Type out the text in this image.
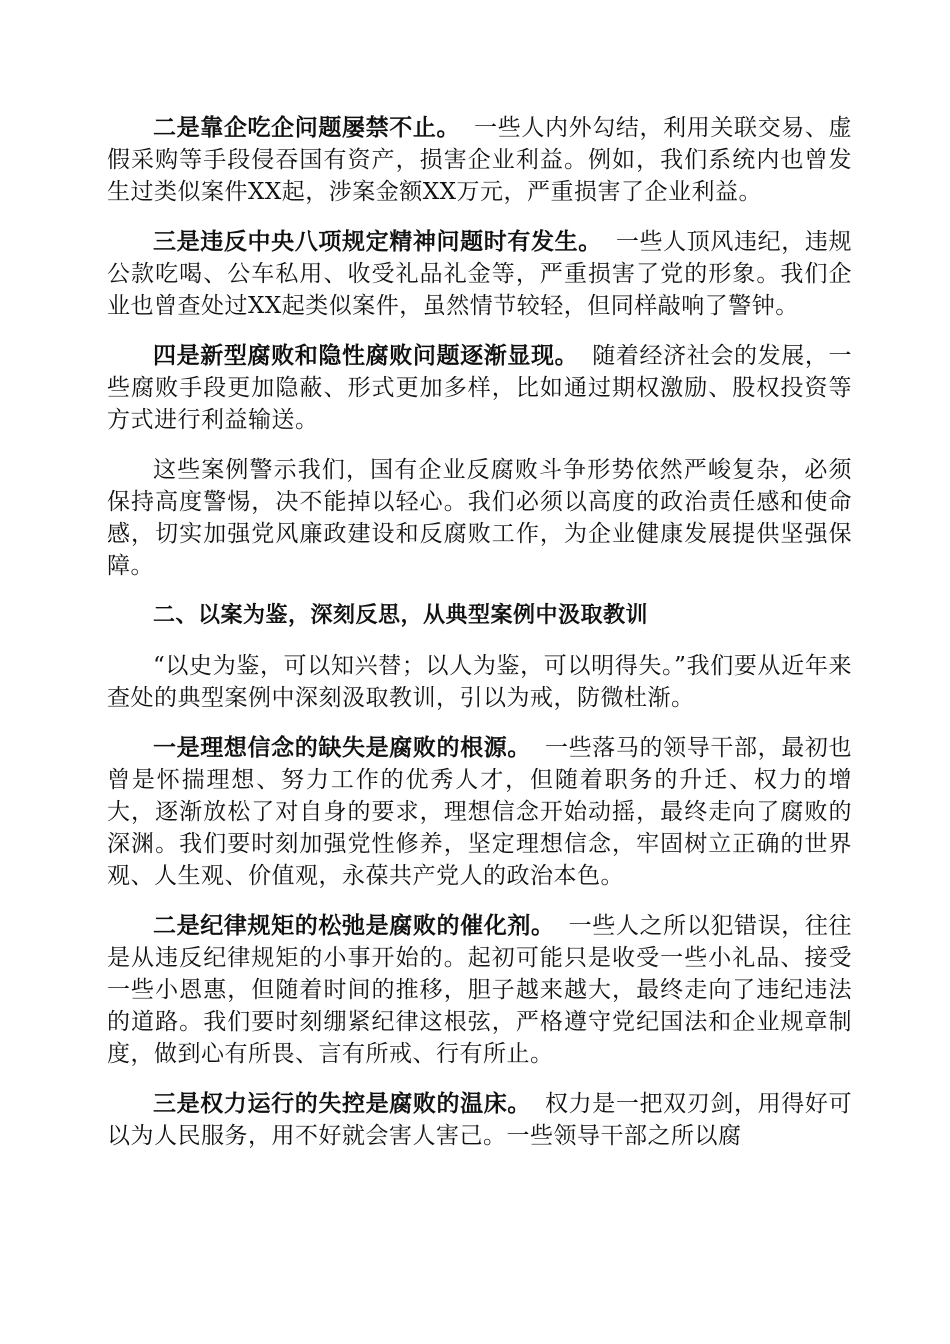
二是靠企吃企问题屡禁不止。 一些人内外勾结，利用关联交易、虚假采购等手段侵吞国有资产，损害企业利益。例如，我们系统内也曾发生过类似案件XX起，涉案金额XX万元，严重损害了企业利益。

三是违反中央八项规定精神问题时有发生。 一些人顶风违纪，违规公款吃喝、公车私用、收受礼品礼金等，严重损害了党的形象。我们企业也曾查处过XX起类似案件，虽然情节较轻，但同样敲响了警钟。

四是新型腐败和隐性腐败问题逐渐显现。 随着经济社会的发展，一些腐败手段更加隐蔽、形式更加多样，比如通过期权激励、股权投资等方式进行利益输送。

这些案例警示我们，国有企业反腐败斗争形势依然严峻复杂，必须保持高度警惕，决不能掉以轻心。我们必须以高度的政治责任感和使命感，切实加强党风廉政建设和反腐败工作，为企业健康发展提供坚强保障。

二、以案为鉴，深刻反思，从典型案例中汲取教训

“以史为鉴，可以知兴替；以人为鉴，可以明得失。”我们要从近年来查处的典型案例中深刻汲取教训，引以为戒，防微杜渐。

一是理想信念的缺失是腐败的根源。 一些落马的领导干部，最初也曾是怀揣理想、努力工作的优秀人才，但随着职务的升迁、权力的增大，逐渐放松了对自身的要求，理想信念开始动摇，最终走向了腐败的深渊。我们要时刻加强党性修养，坚定理想信念，牢固树立正确的世界观、人生观、价值观，永葆共产党人的政治本色。

二是纪律规矩的松弛是腐败的催化剂。 一些人之所以犯错误，往往是从违反纪律规矩的小事开始的。起初可能只是收受一些小礼品、接受一些小恩惠，但随着时间的推移，胆子越来越大，最终走向了违纪违法的道路。我们要时刻绷紧纪律这根弦，严格遵守党纪国法和企业规章制度，做到心有所畏、言有所戒、行有所止。

三是权力运行的失控是腐败的温床。 权力是一把双刃剑，用得好可以为人民服务，用不好就会害人害己。一些领导干部之所以腐
